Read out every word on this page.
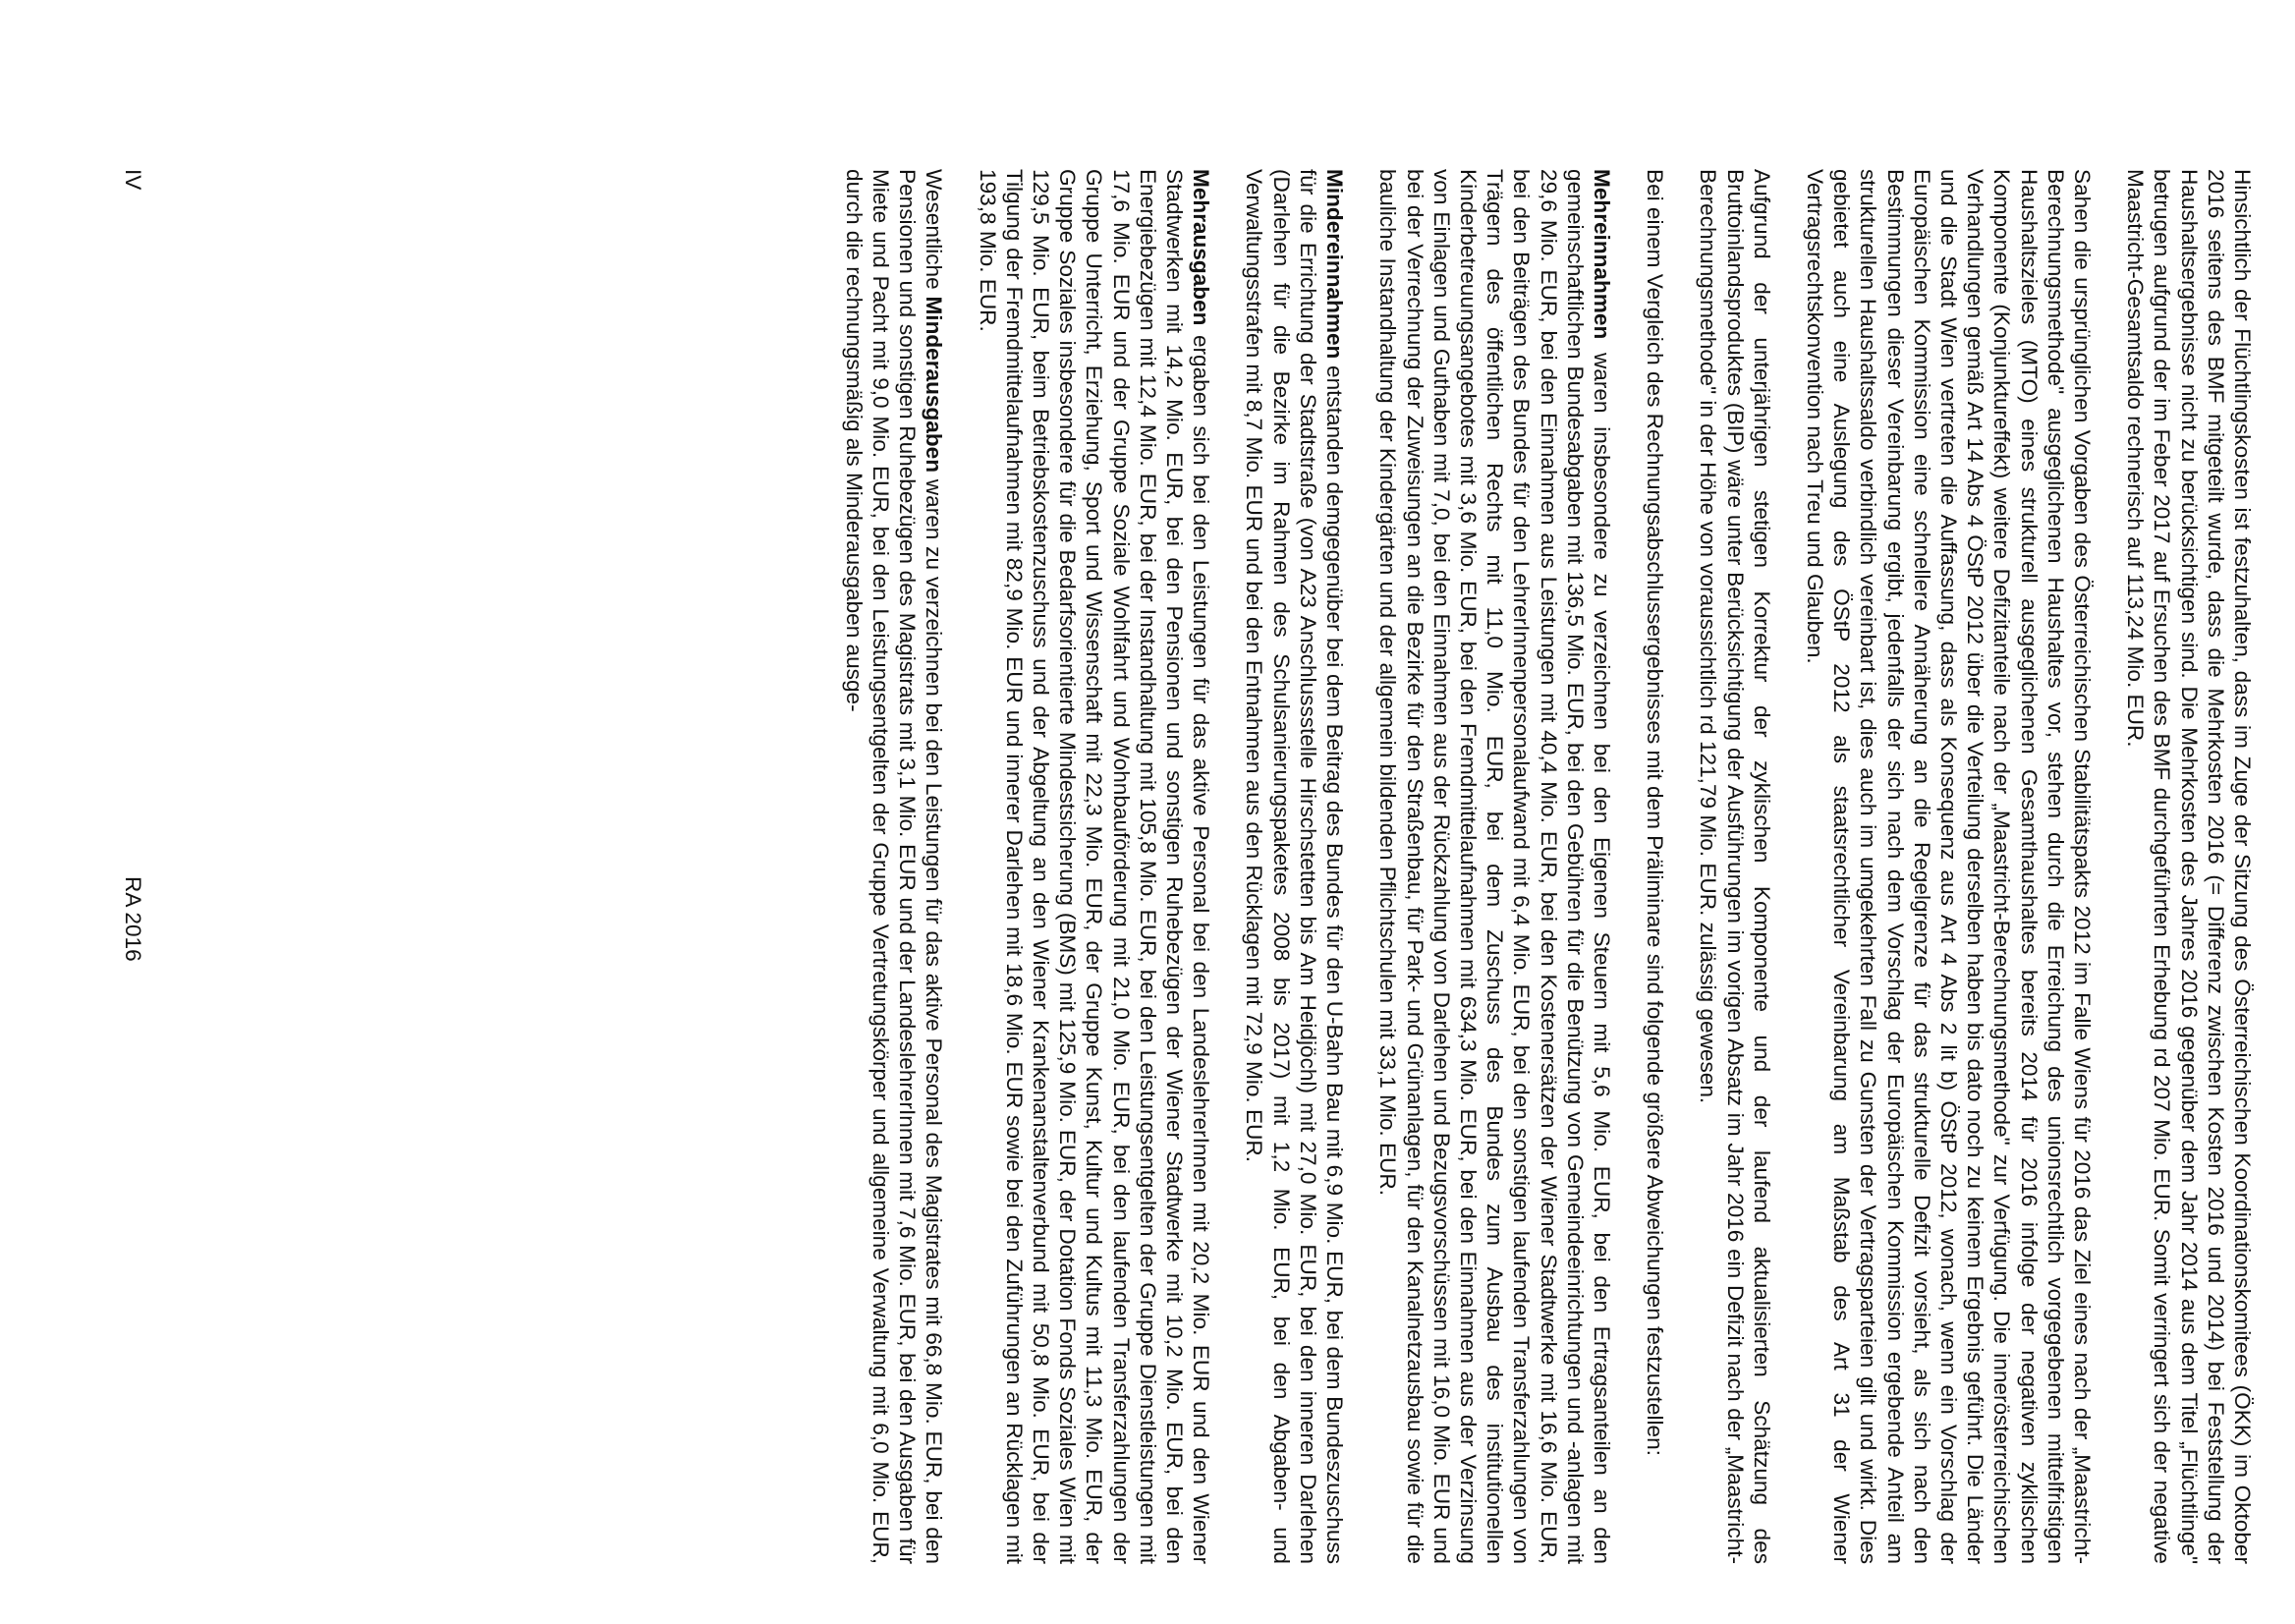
Hinsichtlich der Flüchtlingskosten ist festzuhalten, dass im Zuge der Sitzung des Österreichischen Koordinationskomitees (ÖKK) im Oktober 2016 seitens des BMF mitgeteilt wurde, dass die Mehrkosten 2016 (= Differenz zwischen Kosten 2016 und 2014) bei Feststellung der Haushaltsergebnisse nicht zu berücksichtigen sind. Die Mehrkosten des Jahres 2016 gegenüber dem Jahr 2014 aus dem Titel „Flüchtlinge" betrugen aufgrund der im Feber 2017 auf Ersuchen des BMF durchgeführten Erhebung rd 207 Mio. EUR. Somit verringert sich der negative Maastricht-Gesamtsaldo rechnerisch auf 113,24 Mio. EUR.

Sahen die ursprünglichen Vorgaben des Österreichischen Stabilitätspakts 2012 im Falle Wiens für 2016 das Ziel eines nach der „Maastricht-Berechnungsmethode" ausgeglichenen Haushaltes vor, stehen durch die Erreichung des unionsrechtlich vorgegebenen mittelfristigen Haushaltszieles (MTO) eines strukturell ausgeglichenen Gesamthaushaltes bereits 2014 für 2016 infolge der negativen zyklischen Komponente (Konjunktureffekt) weitere Defizitanteile nach der „Maastricht-Berechnungsmethode" zur Verfügung. Die innerösterreichischen Verhandlungen gemäß Art 14 Abs 4 ÖStP 2012 über die Verteilung derselben haben bis dato noch zu keinem Ergebnis geführt. Die Länder und die Stadt Wien vertreten die Auffassung, dass als Konsequenz aus Art 4 Abs 2 lit b) ÖStP 2012, wonach, wenn ein Vorschlag der Europäischen Kommission eine schnellere Annäherung an die Regelgrenze für das strukturelle Defizit vorsieht, als sich nach den Bestimmungen dieser Vereinbarung ergibt, jedenfalls der sich nach dem Vorschlag der Europäischen Kommission ergebende Anteil am strukturellen Haushaltssaldo verbindlich vereinbart ist, dies auch im umgekehrten Fall zu Gunsten der Vertragsparteien gilt und wirkt. Dies gebietet auch eine Auslegung des ÖStP 2012 als staatsrechtlicher Vereinbarung am Maßstab des Art 31 der Wiener Vertragsrechtskonvention nach Treu und Glauben.

Aufgrund der unterjährigen stetigen Korrektur der zyklischen Komponente und der laufend aktualisierten Schätzung des Bruttoinlandsproduktes (BIP) wäre unter Berücksichtigung der Ausführungen im vorigen Absatz im Jahr 2016 ein Defizit nach der „Maastricht-Berechnungsmethode" in der Höhe von voraussichtlich rd 121,79 Mio. EUR. zulässig gewesen.

Bei einem Vergleich des Rechnungsabschlussergebnisses mit dem Präliminare sind folgende größere Abweichungen festzustellen:

Mehreinnahmen waren insbesondere zu verzeichnen bei den Eigenen Steuern mit 5,6 Mio. EUR, bei den Ertragsanteilen an den gemeinschaftlichen Bundesabgaben mit 136,5 Mio. EUR, bei den Gebühren für die Benützung von Gemeindeeinrichtungen und -anlagen mit 29,6 Mio. EUR, bei den Einnahmen aus Leistungen mit 40,4 Mio. EUR, bei den Kostenersätzen der Wiener Stadtwerke mit 16,6 Mio. EUR, bei den Beiträgen des Bundes für den LehrerInnenpersonalaufwand mit 6,4 Mio. EUR, bei den sonstigen laufenden Transferzahlungen von Trägern des öffentlichen Rechts mit 11,0 Mio. EUR, bei dem Zuschuss des Bundes zum Ausbau des institutionellen Kinderbetreuungsangebotes mit 3,6 Mio. EUR, bei den Fremdmittelaufnahmen mit 634,3 Mio. EUR, bei den Einnahmen aus der Verzinsung von Einlagen und Guthaben mit 7,0, bei den Einnahmen aus der Rückzahlung von Darlehen und Bezugsvorschüssen mit 16,0 Mio. EUR und bei der Verrechnung der Zuweisungen an die Bezirke für den Straßenbau, für Park- und Grünanlagen, für den Kanalnetzausbau sowie für die bauliche Instandhaltung der Kindergärten und der allgemein bildenden Pflichtschulen mit 33,1 Mio. EUR.

Mindereinnahmen entstanden demgegenüber bei dem Beitrag des Bundes für den U-Bahn Bau mit 6,9 Mio. EUR, bei dem Bundeszuschuss für die Errichtung der Stadtstraße (von A23 Anschlussstelle Hirschstetten bis Am Heidjöchl) mit 27,0 Mio. EUR, bei den inneren Darlehen (Darlehen für die Bezirke im Rahmen des Schulsanierungspaketes 2008 bis 2017) mit 1,2 Mio. EUR, bei den Abgaben- und Verwaltungsstrafen mit 8,7 Mio. EUR und bei den Entnahmen aus den Rücklagen mit 72,9 Mio. EUR.

Mehrausgaben ergaben sich bei den Leistungen für das aktive Personal bei den LandeslehrerInnen mit 20,2 Mio. EUR und den Wiener Stadtwerken mit 14,2 Mio. EUR, bei den Pensionen und sonstigen Ruhebezügen der Wiener Stadtwerke mit 10,2 Mio. EUR, bei den Energiebezügen mit 12,4 Mio. EUR, bei der Instandhaltung mit 105,8 Mio. EUR, bei den Leistungsentgelten der Gruppe Dienstleistungen mit 17,6 Mio. EUR und der Gruppe Soziale Wohlfahrt und Wohnbauförderung mit 21,0 Mio. EUR, bei den laufenden Transferzahlungen der Gruppe Unterricht, Erziehung, Sport und Wissenschaft mit 22,3 Mio. EUR, der Gruppe Kunst, Kultur und Kultus mit 11,3 Mio. EUR, der Gruppe Soziales insbesondere für die Bedarfsorientierte Mindestsicherung (BMS) mit 125,9 Mio. EUR, der Dotation Fonds Soziales Wien mit 129,5 Mio. EUR, beim Betriebskostenzuschuss und der Abgeltung an den Wiener Krankenanstaltenverbund mit 50,8 Mio. EUR, bei der Tilgung der Fremdmittelaufnahmen mit 82,9 Mio. EUR und innerer Darlehen mit 18,6 Mio. EUR sowie bei den Zuführungen an Rücklagen mit 193,8 Mio. EUR.

Wesentliche Minderausgaben waren zu verzeichnen bei den Leistungen für das aktive Personal des Magistrates mit 66,8 Mio. EUR, bei den Pensionen und sonstigen Ruhebezügen des Magistrats mit 3,1 Mio. EUR und der LandeslehrerInnen mit 7,6 Mio. EUR, bei den Ausgaben für Miete und Pacht mit 9,0 Mio. EUR, bei den Leistungsentgelten der Gruppe Vertretungskörper und allgemeine Verwaltung mit 6,0 Mio. EUR, durch die rechnungsmäßig als Minderausgaben ausge-

IV
RA 2016
